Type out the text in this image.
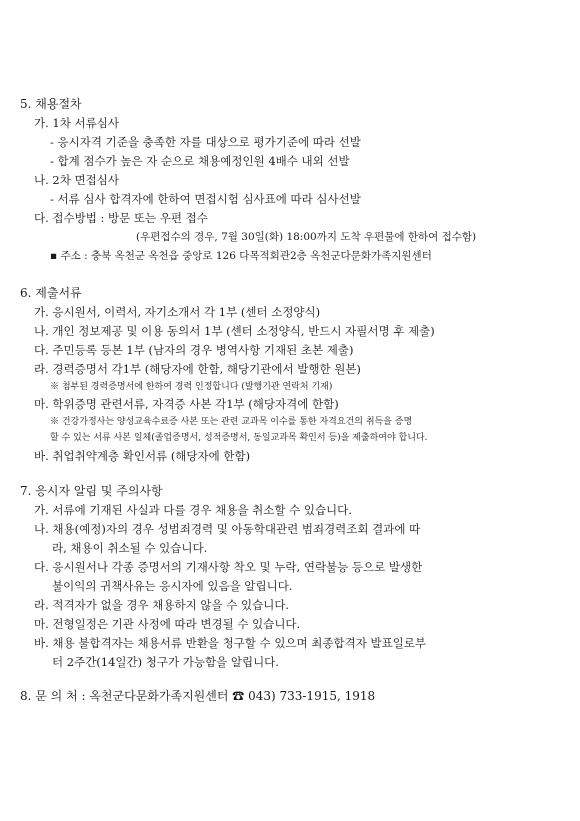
5. 채용절차
가. 1차 서류심사
- 응시자격 기준을 충족한 자를 대상으로 평가기준에 따라 선발
- 합계 점수가 높은 자 순으로 채용예정인원 4배수 내외 선발
나. 2차 면접심사
- 서류 심사 합격자에 한하여 면접시험 심사표에 따라 심사선발
다. 접수방법 : 방문 또는 우편 접수
(우편접수의 경우, 7월 30일(화) 18:00까지 도착 우편물에 한하여 접수함)
▪ 주소 : 충북 옥천군 옥천읍 중앙로 126 다목적회관2층 옥천군다문화가족지원센터
6. 제출서류
가. 응시원서, 이력서, 자기소개서 각 1부 (센터 소정양식)
나. 개인 정보제공 및 이용 동의서 1부 (센터 소정양식, 반드시 자필서명 후 제출)
다. 주민등록 등본 1부 (남자의 경우 병역사항 기재된 초본 제출)
라. 경력증명서 각1부 (해당자에 한함, 해당기관에서 발행한 원본)
※ 첨부된 경력증명서에 한하여 경력 인정합니다 (발행기관 연락처 기재)
마. 학위증명 관련서류, 자격증 사본 각1부 (해당자격에 한함)
※ 건강가정사는 양성교육수료증 사본 또는 관련 교과목 이수를 통한 자격요건의 취득을 증명
할 수 있는 서류 사본 일체(졸업증명서, 성적증명서, 동일교과목 확인서 등)을 제출하여야 합니다.
바. 취업취약계층 확인서류 (해당자에 한함)
7. 응시자 알림 및 주의사항
가. 서류에 기재된 사실과 다를 경우 채용을 취소할 수 있습니다.
나. 채용(예정)자의 경우 성범죄경력 및 아동학대관련 범죄경력조회 결과에 따
라, 채용이 취소될 수 있습니다.
다. 응시원서나 각종 증명서의 기재사항 착오 및 누락, 연락불능 등으로 발생한
불이익의 귀책사유는 응시자에 있음을 알립니다.
라. 적격자가 없을 경우 채용하지 않을 수 있습니다.
마. 전형일정은 기관 사정에 따라 변경될 수 있습니다.
바. 채용 불합격자는 채용서류 반환을 청구할 수 있으며 최종합격자 발표일로부
터 2주간(14일간) 청구가 가능함을 알립니다.
8. 문 의 처 : 옥천군다문화가족지원센터 ☎ 043) 733-1915, 1918
